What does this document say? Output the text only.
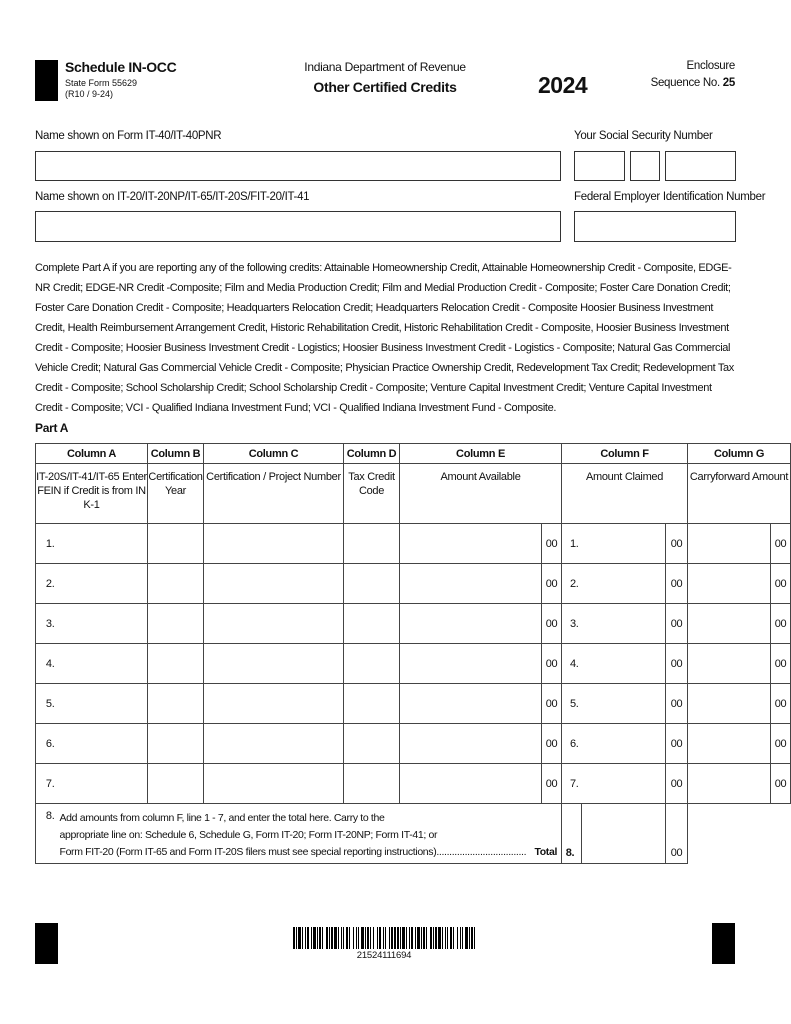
Schedule IN-OCC
State Form 55629
(R10 / 9-24)
Indiana Department of Revenue
Other Certified Credits	2024
Enclosure
Sequence No. 25
Name shown on Form IT-40/IT-40PNR	Your Social Security Number
Name shown on IT-20/IT-20NP/IT-65/IT-20S/FIT-20/IT-41	Federal Employer Identification Number
Complete Part A if you are reporting any of the following credits: Attainable Homeownership Credit, Attainable Homeownership Credit - Composite, EDGE-NR Credit; EDGE-NR Credit -Composite; Film and Media Production Credit; Film and Medial Production Credit - Composite; Foster Care Donation Credit; Foster Care Donation Credit - Composite; Headquarters Relocation Credit; Headquarters Relocation Credit - Composite Hoosier Business Investment Credit, Health Reimbursement Arrangement Credit, Historic Rehabilitation Credit, Historic Rehabilitation Credit - Composite, Hoosier Business Investment Credit - Composite; Hoosier Business Investment Credit - Logistics; Hoosier Business Investment Credit - Logistics - Composite; Natural Gas Commercial Vehicle Credit; Natural Gas Commercial Vehicle Credit - Composite; Physician Practice Ownership Credit, Redevelopment Tax Credit; Redevelopment Tax Credit - Composite; School Scholarship Credit; School Scholarship Credit - Composite; Venture Capital Investment Credit; Venture Capital Investment Credit - Composite; VCI - Qualified Indiana Investment Fund; VCI - Qualified Indiana Investment Fund - Composite.
Part A
Column A		Column B	Column C	Column D	Column E		Column F			Column G	
IT-20S/IT-41/IT-65 Enter FEIN if Credit is from IN K-1		Certification Year	Certification / Project Number	Tax Credit Code	Amount Available		Amount Claimed			Carryforward Amount	
1.						00	1.		00		00
2.						00	2.		00		00
3.						00	3.		00		00
4.						00	4.		00		00
5.						00	5.		00		00
6.						00	6.		00		00
7.						00	7.		00		00
8.	Add amounts from column F, line 1 - 7, and enter the total here. Carry to the
appropriate line on: Schedule 6, Schedule G, Form IT-20; Form IT-20NP; Form IT-41; or
Form FIT-20 (Form IT-65 and Form IT-20S filers must see special reporting instructions)................................... Total						8.		00		
21524111694
